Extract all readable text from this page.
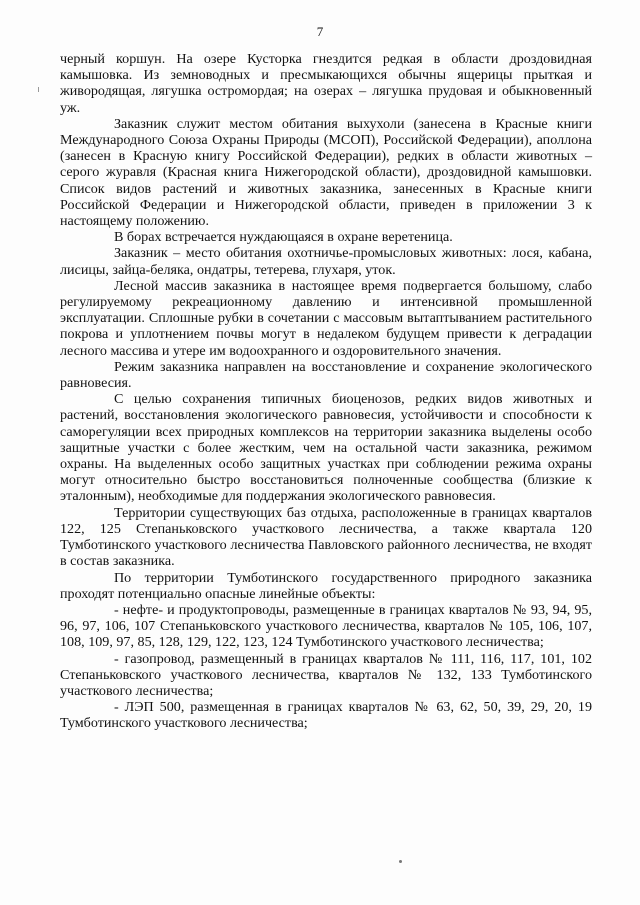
7

черный коршун. На озере Кусторка гнездится редкая в области дроздовидная камышовка. Из земноводных и пресмыкающихся обычны ящерицы прыткая и живородящая, лягушка остромордая; на озерах – лягушка прудовая и обыкновенный уж.

Заказник служит местом обитания выхухоли (занесена в Красные книги Международного Союза Охраны Природы (МСОП), Российской Федерации), аполлона (занесен в Красную книгу Российской Федерации), редких в области животных – серого журавля (Красная книга Нижегородской области), дроздовидной камышовки. Список видов растений и животных заказника, занесенных в Красные книги Российской Федерации и Нижегородской области, приведен в приложении 3 к настоящему положению.

В борах встречается нуждающаяся в охране веретеница.

Заказник – место обитания охотничье-промысловых животных: лося, кабана, лисицы, зайца-беляка, ондатры, тетерева, глухаря, уток.

Лесной массив заказника в настоящее время подвергается большому, слабо регулируемому рекреационному давлению и интенсивной промышленной эксплуатации. Сплошные рубки в сочетании с массовым вытаптыванием растительного покрова и уплотнением почвы могут в недалеком будущем привести к деградации лесного массива и утере им водоохранного и оздоровительного значения.

Режим заказника направлен на восстановление и сохранение экологического равновесия.

С целью сохранения типичных биоценозов, редких видов животных и растений, восстановления экологического равновесия, устойчивости и способности к саморегуляции всех природных комплексов на территории заказника выделены особо защитные участки с более жестким, чем на остальной части заказника, режимом охраны. На выделенных особо защитных участках при соблюдении режима охраны могут относительно быстро восстановиться полноченные сообщества (близкие к эталонным), необходимые для поддержания экологического равновесия.

Территории существующих баз отдыха, расположенные в границах кварталов 122, 125 Степаньковского участкового лесничества, а также квартала 120 Тумботинского участкового лесничества Павловского районного лесничества, не входят в состав заказника.

По территории Тумботинского государственного природного заказника проходят потенциально опасные линейные объекты:

- нефте- и продуктопроводы, размещенные в границах кварталов № 93, 94, 95, 96, 97, 106, 107 Степаньковского участкового лесничества, кварталов № 105, 106, 107, 108, 109, 97, 85, 128, 129, 122, 123, 124 Тумботинского участкового лесничества;

- газопровод, размещенный в границах кварталов № 111, 116, 117, 101, 102 Степаньковского участкового лесничества, кварталов № 132, 133 Тумботинского участкового лесничества;

- ЛЭП 500, размещенная в границах кварталов № 63, 62, 50, 39, 29, 20, 19 Тумботинского участкового лесничества;
